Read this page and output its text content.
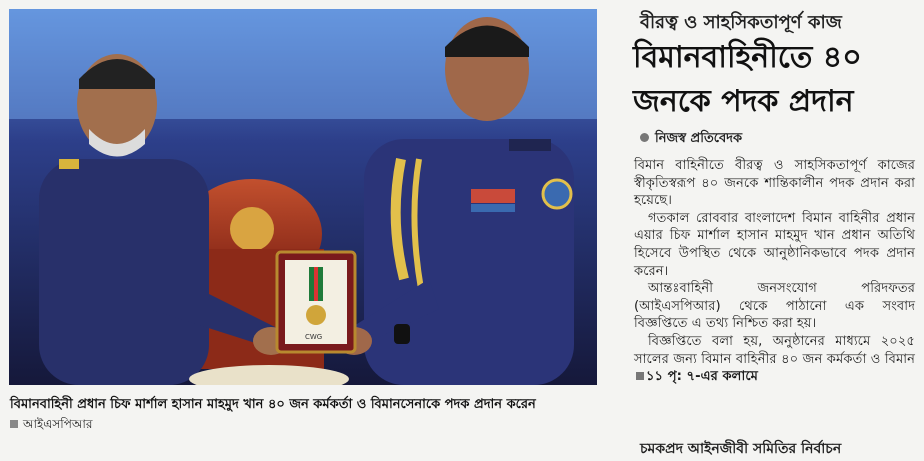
CWG
বিমানবাহিনী প্রধান চিফ মার্শাল হাসান মাহমুদ খান ৪০ জন কর্মকর্তা ও বিমানসেনাকে পদক প্রদান করেন
আইএসপিআর
বীরত্ব ও সাহসিকতাপূর্ণ কাজ
বিমানবাহিনীতে ৪০
জনকে পদক প্রদান
নিজস্ব প্রতিবেদক

বিমান বাহিনীতে বীরত্ব ও সাহসিকতাপূর্ণ কাজের স্বীকৃতিস্বরূপ ৪০ জনকে শান্তিকালীন পদক প্রদান করা হয়েছে।

গতকাল রোববার বাংলাদেশ বিমান বাহিনীর প্রধান এয়ার চিফ মার্শাল হাসান মাহমুদ খান প্রধান অতিথি হিসেবে উপস্থিত থেকে আনুষ্ঠানিকভাবে পদক প্রদান করেন।

আন্তঃবাহিনী জনসংযোগ পরিদফতর (আইএসপিআর) থেকে পাঠানো এক সংবাদ বিজ্ঞপ্তিতে এ তথ্য নিশ্চিত করা হয়।

বিজ্ঞপ্তিতে বলা হয়, অনুষ্ঠানের মাধ্যমে ২০২৫ সালের জন্য বিমান বাহিনীর ৪০ জন কর্মকর্তা ও বিমান ১১ পৃ: ৭-এর কলামে

চমকপ্রদ আইনজীবী সমিতির নির্বাচন
